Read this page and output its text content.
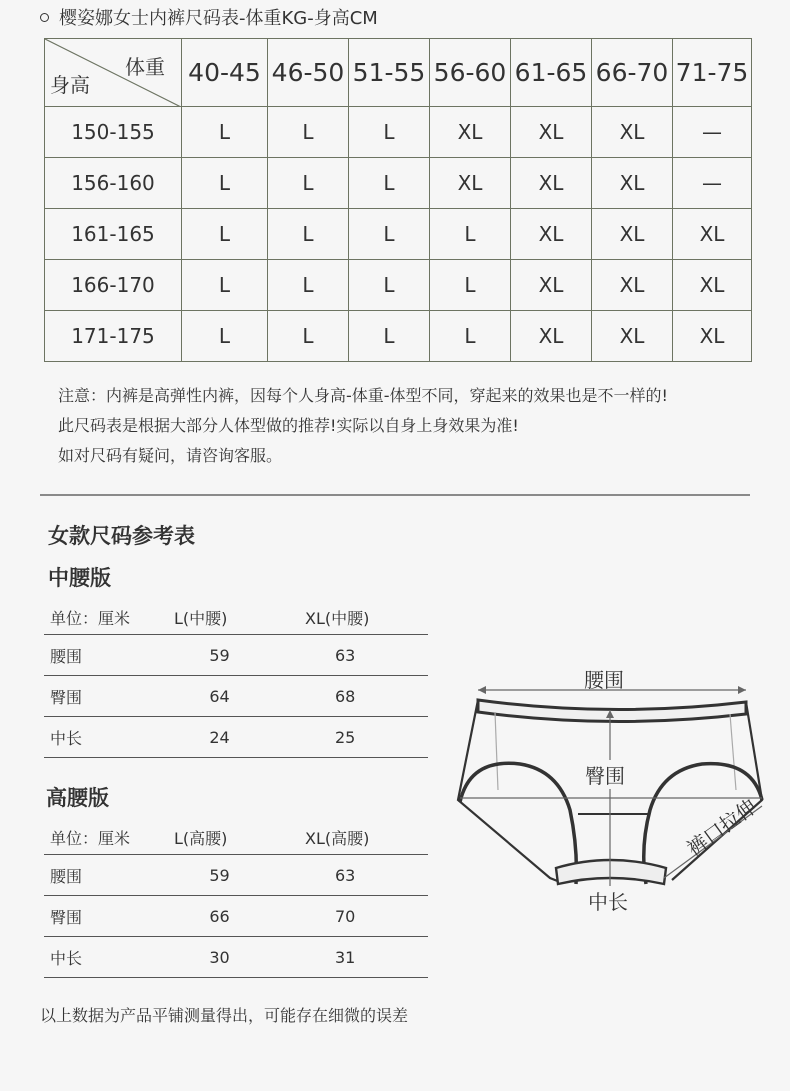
樱姿娜女士内裤尺码表-体重KG-身高CM
体重
身高	40-45	46-50	51-55	56-60	61-65	66-70	71-75
150-155	L	L	L	XL	XL	XL	—
156-160	L	L	L	XL	XL	XL	—
161-165	L	L	L	L	XL	XL	XL
166-170	L	L	L	L	XL	XL	XL
171-175	L	L	L	L	XL	XL	XL
注意：内裤是高弹性内裤，因每个人身高-体重-体型不同，穿起来的效果也是不一样的!
此尺码表是根据大部分人体型做的推荐!实际以自身上身效果为准!
如对尺码有疑问，请咨询客服。
女款尺码参考表
中腰版
单位：厘米	L(中腰)	XL(中腰)
腰围	59	63
臀围	64	68
中长	24	25
高腰版
单位：厘米	L(高腰)	XL(高腰)
腰围	59	63
臀围	66	70
中长	30	31
腰围
臀围
中长
裤口拉伸
以上数据为产品平铺测量得出，可能存在细微的误差
